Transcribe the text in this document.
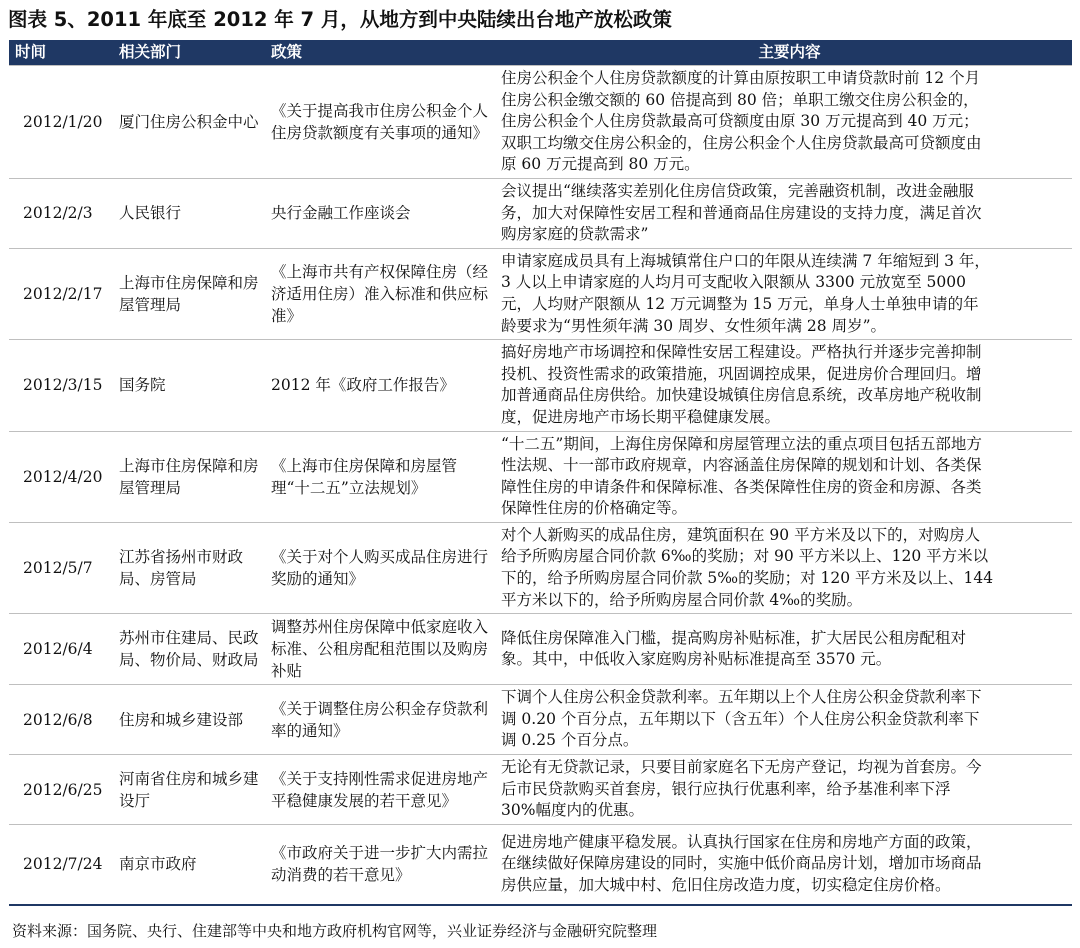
图表 5、2011 年底至 2012 年 7 月，从地方到中央陆续出台地产放松政策
时间	相关部门	政策	主要内容
2012/1/20	厦门住房公积金中心	《关于提高我市住房公积金个人住房贷款额度有关事项的通知》	住房公积金个人住房贷款额度的计算由原按职工申请贷款时前 12 个月
住房公积金缴交额的 60 倍提高到 80 倍；单职工缴交住房公积金的，
住房公积金个人住房贷款最高可贷额度由原 30 万元提高到 40 万元；
双职工均缴交住房公积金的，住房公积金个人住房贷款最高可贷额度由
原 60 万元提高到 80 万元。

2012/2/3	人民银行	央行金融工作座谈会	会议提出“继续落实差别化住房信贷政策，完善融资机制，改进金融服
务，加大对保障性安居工程和普通商品住房建设的支持力度，满足首次
购房家庭的贷款需求”

2012/2/17	上海市住房保障和房屋管理局	《上海市共有产权保障住房（经济适用住房）准入标准和供应标准》	申请家庭成员具有上海城镇常住户口的年限从连续满 7 年缩短到 3 年，
3 人以上申请家庭的人均月可支配收入限额从 3300 元放宽至 5000
元，人均财产限额从 12 万元调整为 15 万元，单身人士单独申请的年
龄要求为“男性须年满 30 周岁、女性须年满 28 周岁”。

2012/3/15	国务院	2012 年《政府工作报告》	搞好房地产市场调控和保障性安居工程建设。严格执行并逐步完善抑制
投机、投资性需求的政策措施，巩固调控成果，促进房价合理回归。增
加普通商品住房供给。加快建设城镇住房信息系统，改革房地产税收制
度，促进房地产市场长期平稳健康发展。

2012/4/20	上海市住房保障和房屋管理局	《上海市住房保障和房屋管理“十二五”立法规划》	“十二五”期间，上海住房保障和房屋管理立法的重点项目包括五部地方
性法规、十一部市政府规章，内容涵盖住房保障的规划和计划、各类保
障性住房的申请条件和保障标准、各类保障性住房的资金和房源、各类
保障性住房的价格确定等。

2012/5/7	江苏省扬州市财政局、房管局	《关于对个人购买成品住房进行奖励的通知》	对个人新购买的成品住房，建筑面积在 90 平方米及以下的，对购房人
给予所购房屋合同价款 6‰的奖励；对 90 平方米以上、120 平方米以
下的，给予所购房屋合同价款 5‰的奖励；对 120 平方米及以上、144
平方米以下的，给予所购房屋合同价款 4‰的奖励。

2012/6/4	苏州市住建局、民政局、物价局、财政局	调整苏州住房保障中低家庭收入标准、公租房配租范围以及购房补贴	降低住房保障准入门槛，提高购房补贴标准，扩大居民公租房配租对
象。其中，中低收入家庭购房补贴标准提高至 3570 元。

2012/6/8	住房和城乡建设部	《关于调整住房公积金存贷款利率的通知》	下调个人住房公积金贷款利率。五年期以上个人住房公积金贷款利率下
调 0.20 个百分点，五年期以下（含五年）个人住房公积金贷款利率下
调 0.25 个百分点。

2012/6/25	河南省住房和城乡建设厅	《关于支持刚性需求促进房地产平稳健康发展的若干意见》	无论有无贷款记录，只要目前家庭名下无房产登记，均视为首套房。今
后市民贷款购买首套房，银行应执行优惠利率，给予基准利率下浮
30%幅度内的优惠。

2012/7/24	南京市政府	《市政府关于进一步扩大内需拉动消费的若干意见》	促进房地产健康平稳发展。认真执行国家在住房和房地产方面的政策，
在继续做好保障房建设的同时，实施中低价商品房计划，增加市场商品
房供应量，加大城中村、危旧住房改造力度，切实稳定住房价格。
资料来源：国务院、央行、住建部等中央和地方政府机构官网等，兴业证券经济与金融研究院整理
